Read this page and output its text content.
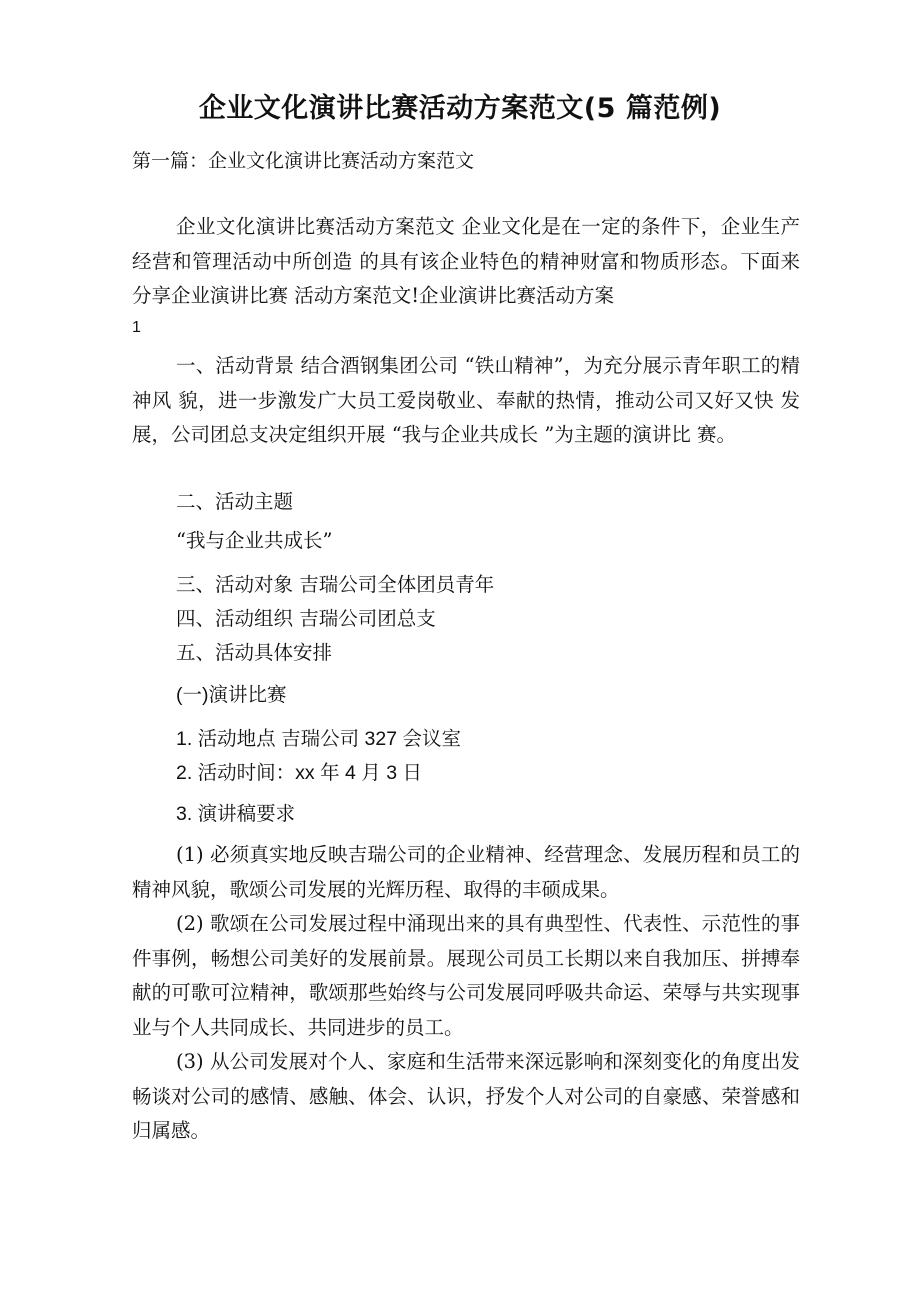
企业文化演讲比赛活动方案范文(5 篇范例)
第一篇：企业文化演讲比赛活动方案范文

企业文化演讲比赛活动方案范文 企业文化是在一定的条件下，企业生产经营和管理活动中所创造 的具有该企业特色的精神财富和物质形态。下面来分享企业演讲比赛 活动方案范文!企业演讲比赛活动方案

1

一、活动背景 结合酒钢集团公司 “铁山精神”，为充分展示青年职工的精神风 貌，进一步激发广大员工爱岗敬业、奉献的热情，推动公司又好又快 发展，公司团总支决定组织开展 “我与企业共成长 ”为主题的演讲比 赛。

二、活动主题

“我与企业共成长”

三、活动对象 吉瑞公司全体团员青年

四、活动组织 吉瑞公司团总支

五、活动具体安排

(一)演讲比赛

1. 活动地点 吉瑞公司 327 会议室

2. 活动时间：xx 年 4 月 3 日

3. 演讲稿要求

(1) 必须真实地反映吉瑞公司的企业精神、经营理念、发展历程和员工的精神风貌，歌颂公司发展的光辉历程、取得的丰硕成果。

(2) 歌颂在公司发展过程中涌现出来的具有典型性、代表性、示范性的事件事例，畅想公司美好的发展前景。展现公司员工长期以来自我加压、拼搏奉献的可歌可泣精神，歌颂那些始终与公司发展同呼吸共命运、荣辱与共实现事业与个人共同成长、共同进步的员工。

(3) 从公司发展对个人、家庭和生活带来深远影响和深刻变化的角度出发畅谈对公司的感情、感触、体会、认识，抒发个人对公司的自豪感、荣誉感和归属感。
